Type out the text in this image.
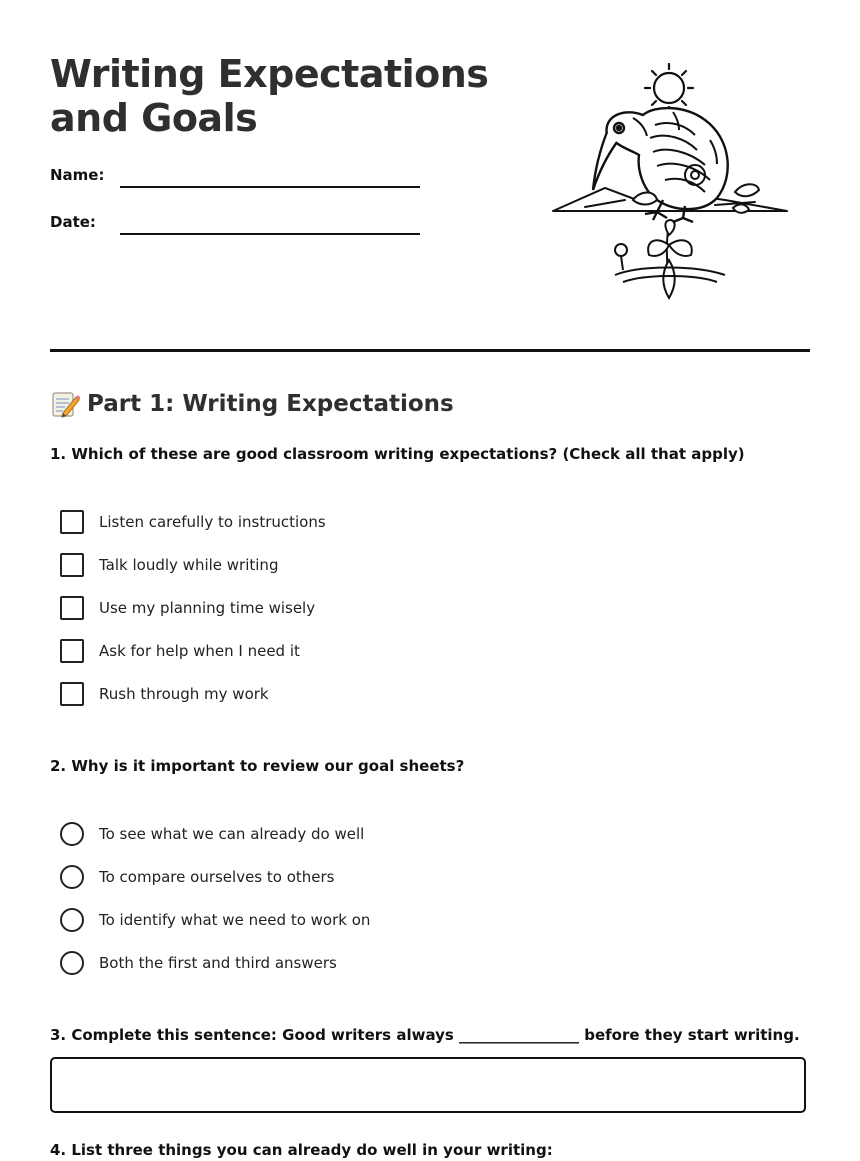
Writing Expectations
and Goals
Name:
Date:
Part 1: Writing Expectations

1. Which of these are good classroom writing expectations? (Check all that apply)

Listen carefully to instructions
Talk loudly while writing
Use my planning time wisely
Ask for help when I need it
Rush through my work

2. Why is it important to review our goal sheets?

To see what we can already do well
To compare ourselves to others
To identify what we need to work on
Both the first and third answers

3. Complete this sentence: Good writers always ________________ before they start writing.

4. List three things you can already do well in your writing:
